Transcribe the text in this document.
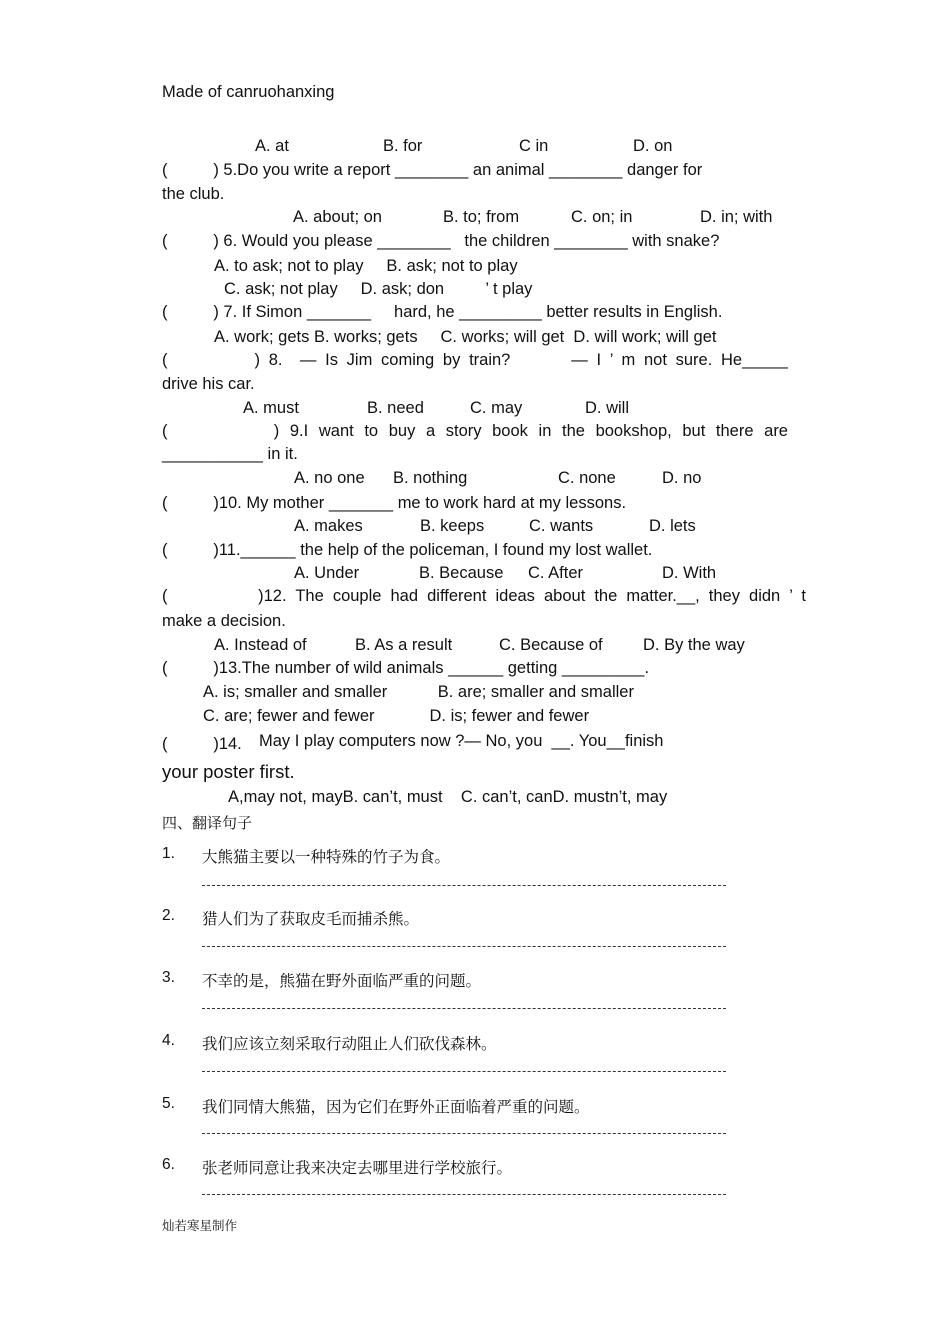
Made of canruohanxing
A. at	B. for	C in	D. on
(          ) 5.Do you write a report ________ an animal ________ danger for
the club.
A. about; on	B. to; from	C. on; in	D. in; with
(          ) 6. Would you please ________   the children ________ with snake?
A. to ask; not to play     B. ask; not to play
C. ask; not play     D. ask; don         ’ t play
(          ) 7. If Simon _______     hard, he _________ better results in English.
A. work; gets B. works; gets     C. works; will get  D. will work; will get
(          ) 8.  — Is Jim coming by train?       — I ’ m not sure. He_____
drive his car.
A. must	B. need	C. may	D. will
(          ) 9.I want to buy a story book in the bookshop, but there are
___________ in it.
A. no one B. nothing	C. none	D. no
(          )10. My mother _______ me to work hard at my lessons.
A. makes	B. keeps	C. wants	D. lets
(          )11.______ the help of the policeman, I found my lost wallet.
A. Under	B. Because C. After	D. With
(          )12. The couple had different ideas about the matter.__, they didn ’ t
make a decision.
A. Instead of	B. As a result	C. Because of D. By the way
(          )13.The number of wild animals ______ getting _________.
A. is; smaller and smaller           B. are; smaller and smaller
C. are; fewer and fewer            D. is; fewer and fewer
(          )14. May I play computers now ?— No, you  __. You__finish
your poster first.
A,may not, mayB. can’t, must    C. can’t, canD. mustn’t, may
四、翻译句子
1. 大熊猫主要以一种特殊的竹子为食。
2. 猎人们为了获取皮毛而捕杀熊。
3. 不幸的是，熊猫在野外面临严重的问题。
4. 我们应该立刻采取行动阻止人们砍伐森林。
5. 我们同情大熊猫，因为它们在野外正面临着严重的问题。
6. 张老师同意让我来决定去哪里进行学校旅行。
灿若寒星制作
